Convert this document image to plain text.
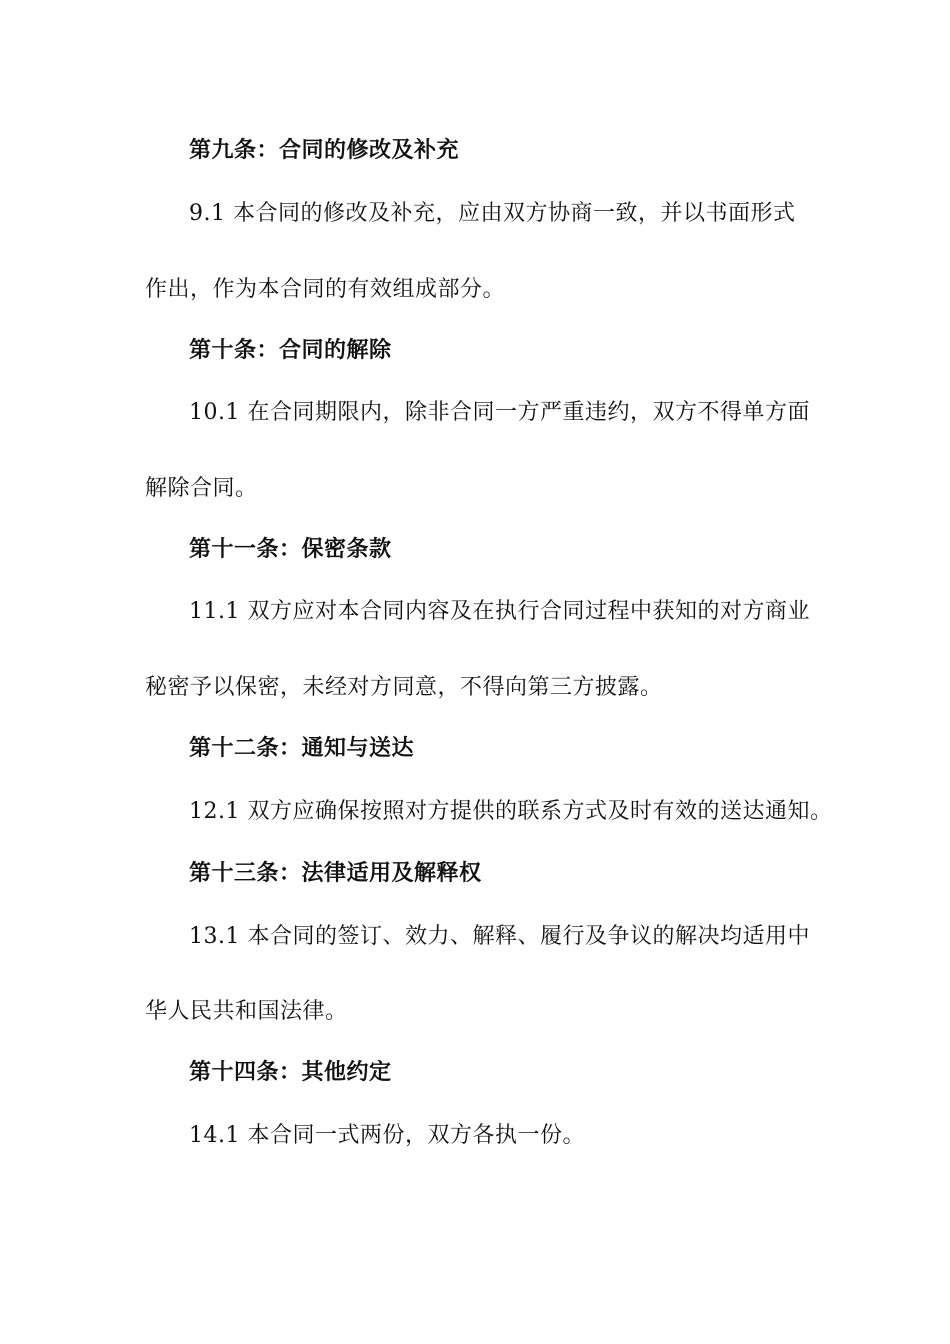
第九条：合同的修改及补充
9.1 本合同的修改及补充，应由双方协商一致，并以书面形式
作出，作为本合同的有效组成部分。
第十条：合同的解除
10.1 在合同期限内，除非合同一方严重违约，双方不得单方面
解除合同。
第十一条：保密条款
11.1 双方应对本合同内容及在执行合同过程中获知的对方商业
秘密予以保密，未经对方同意，不得向第三方披露。
第十二条：通知与送达
12.1 双方应确保按照对方提供的联系方式及时有效的送达通知。
第十三条：法律适用及解释权
13.1 本合同的签订、效力、解释、履行及争议的解决均适用中
华人民共和国法律。
第十四条：其他约定
14.1 本合同一式两份，双方各执一份。
